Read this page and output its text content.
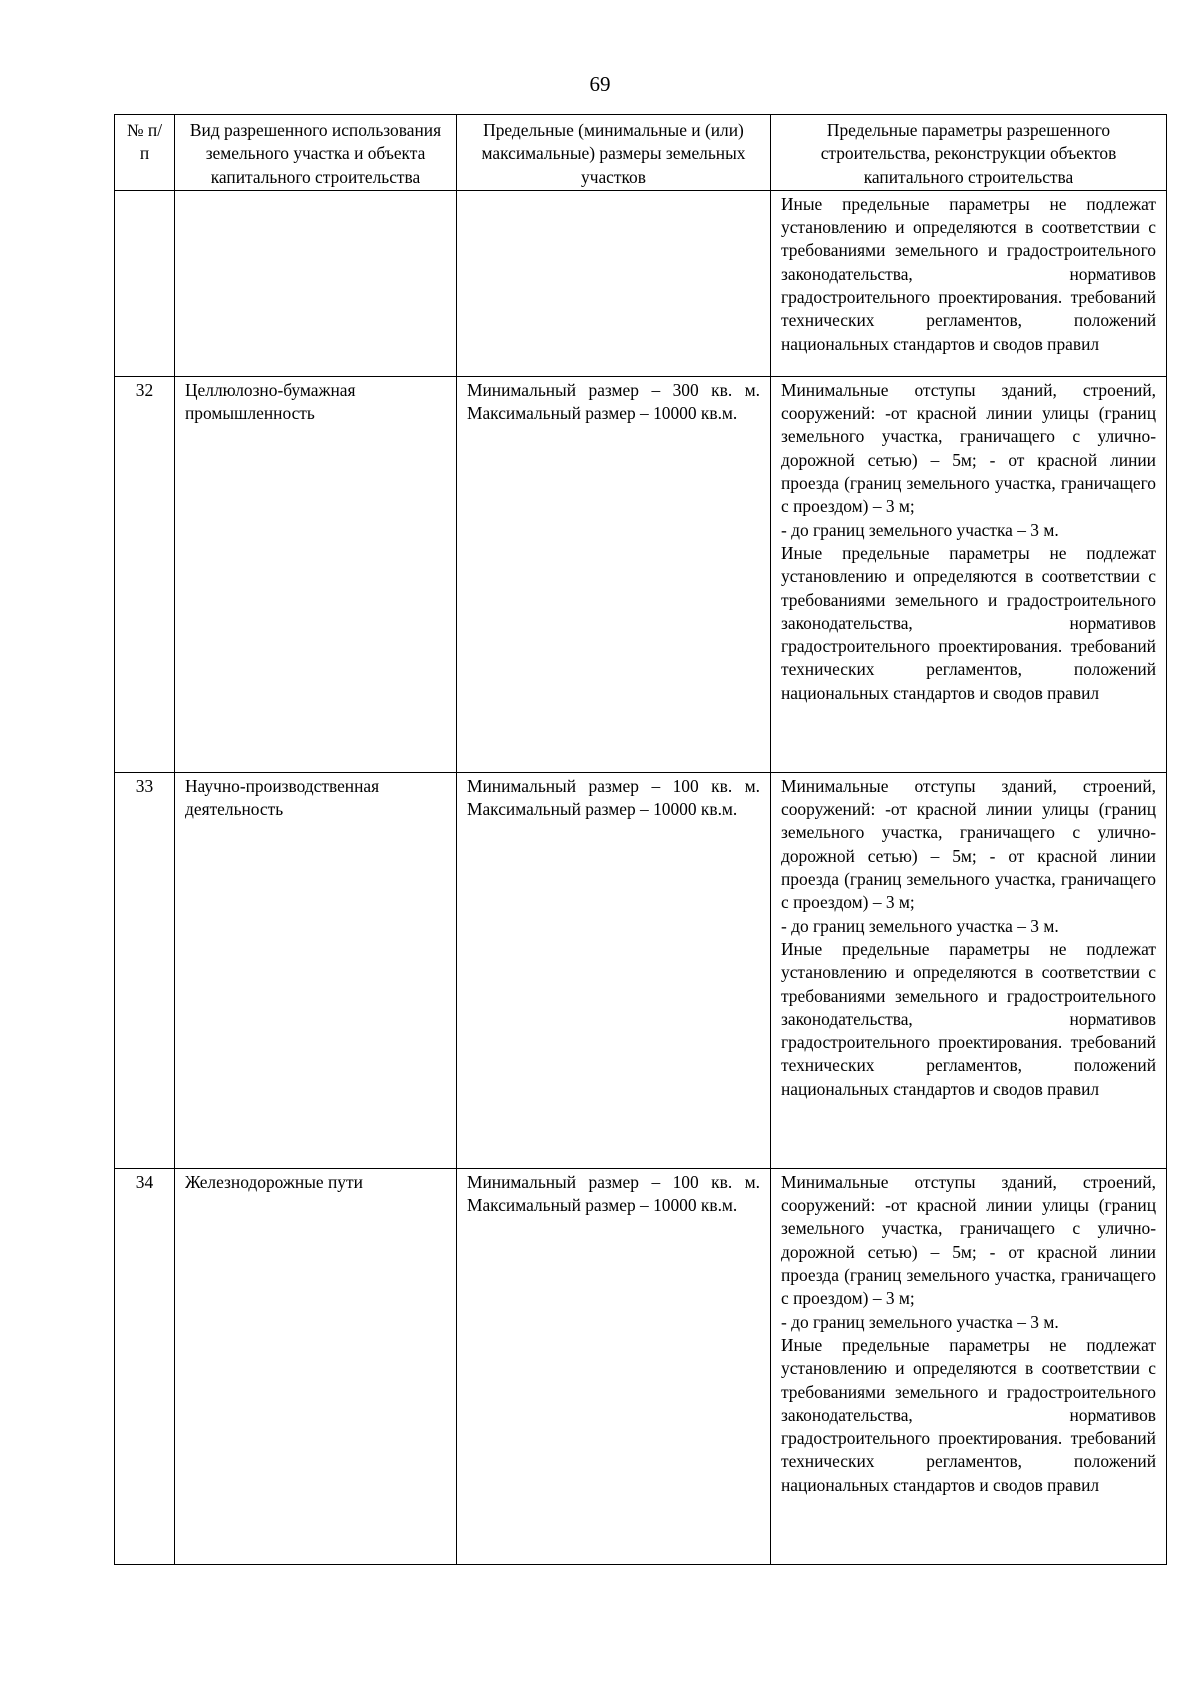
69
№ п/п	Вид разрешенного использования земельного участка и объекта капитального строительства	Предельные (минимальные и (или) максимальные) размеры земельных участков	Предельные параметры разрешенного строительства, реконструкции объектов капитального строительства

			Иные предельные параметры не подлежат установлению и определяются в соответствии с требованиями земельного и градостроительного законодательства, нормативов градостроительного проектирования. требований технических регламентов, положений национальных стандартов и сводов правил

32	Целлюлозно-бумажная промышленность	Минимальный размер – 300 кв. м. Максимальный размер – 10000 кв.м.	Минимальные отступы зданий, строений, сооружений: -от красной линии улицы (границ земельного участка, граничащего с улично-дорожной сетью) – 5м; - от красной линии проезда (границ земельного участка, граничащего с проездом) – 3 м;

- до границ земельного участка – 3 м.

Иные предельные параметры не подлежат установлению и определяются в соответствии с требованиями земельного и градостроительного законодательства, нормативов градостроительного проектирования. требований технических регламентов, положений национальных стандартов и сводов правил

33	Научно-производственная деятельность	Минимальный размер – 100 кв. м. Максимальный размер – 10000 кв.м.	Минимальные отступы зданий, строений, сооружений: -от красной линии улицы (границ земельного участка, граничащего с улично-дорожной сетью) – 5м; - от красной линии проезда (границ земельного участка, граничащего с проездом) – 3 м;

- до границ земельного участка – 3 м.

Иные предельные параметры не подлежат установлению и определяются в соответствии с требованиями земельного и градостроительного законодательства, нормативов градостроительного проектирования. требований технических регламентов, положений национальных стандартов и сводов правил

34	Железнодорожные пути	Минимальный размер – 100 кв. м. Максимальный размер – 10000 кв.м.	Минимальные отступы зданий, строений, сооружений: -от красной линии улицы (границ земельного участка, граничащего с улично-дорожной сетью) – 5м; - от красной линии проезда (границ земельного участка, граничащего с проездом) – 3 м;

- до границ земельного участка – 3 м.

Иные предельные параметры не подлежат установлению и определяются в соответствии с требованиями земельного и градостроительного законодательства, нормативов градостроительного проектирования. требований технических регламентов, положений национальных стандартов и сводов правил
